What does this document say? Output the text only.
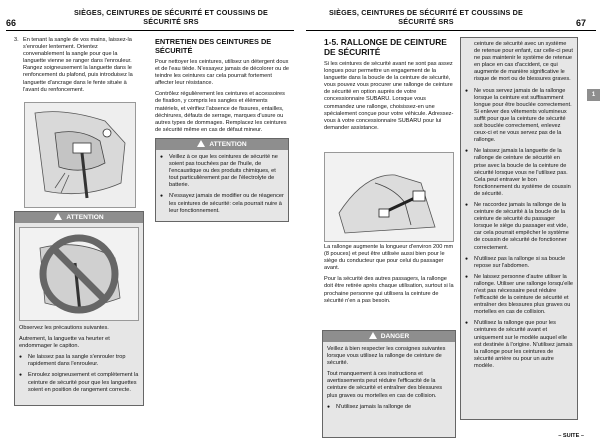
66
SIÈGES, CEINTURES DE SÉCURITÉ ET COUSSINS DE SÉCURITÉ SRS
3. En tenant la sangle de vos mains, laissez-la s'enrouler lentement. Orientez convenablement la sangle pour que la languette vienne se ranger dans l'enrouleur. Rangez soigneusement la languette dans le renfoncement du plafond, puis introduisez la languette d'ancrage dans le fente située à l'avant du renfoncement.
ATTENTION

Observez les précautions suivantes.

Autrement, la languette va heurter et endommager le capiton.

● Ne laissez pas la sangle s'enrouler trop rapidement dans l'enrouleur.
● Enroulez soigneusement et complètement la ceinture de sécurité pour que les languettes soient en position de rangement correcte.
ENTRETIEN DES CEINTURES DE SÉCURITÉ

Pour nettoyer les ceintures, utilisez un détergent doux et de l'eau tiède. N'essayez jamais de décolorer ou de teindre les ceintures car cela pourrait fortement affecter leur résistance.

Contrôlez régulièrement les ceintures et accessoires de fixation, y compris les sangles et éléments matériels, et vérifiez l'absence de fissures, entailles, déchirures, défauts de serrage, marques d'usure ou autres types de dommages. Remplacez les ceintures de sécurité même en cas de défaut mineur.

ATTENTION
● Veillez à ce que les ceintures de sécurité ne soient pas touchées par de l'huile, de l'encaustique ou des produits chimiques, et tout particulièrement par de l'électrolyte de batterie.
● N'essayez jamais de modifier ou de réagencer les ceintures de sécurité: cela pourrait nuire à leur fonctionnement.
SIÈGES, CEINTURES DE SÉCURITÉ ET COUSSINS DE SÉCURITÉ SRS	67
1
1-5. RALLONGE DE CEINTURE DE SÉCURITÉ

Si les ceintures de sécurité avant ne sont pas assez longues pour permettre un engagement de la languette dans la boucle de la ceinture de sécurité, vous pouvez vous procurer une rallonge de ceinture de sécurité en option auprès de votre concessionnaire SUBARU. Lorsque vous commandez une rallonge, choisissez-en une spécialement conçue pour votre véhicule. Adressez-vous à votre concessionnaire SUBARU pour lui demander assistance.

La rallonge augmente la longueur d'environ 200 mm (8 pouces) et peut être utilisée aussi bien pour le siège du conducteur que pour celui du passager avant.

Pour la sécurité des autres passagers, la rallonge doit être retirée après chaque utilisation, surtout si la prochaine personne qui utilisera la ceinture de sécurité n'en a pas besoin.

DANGER

Veillez à bien respecter les consignes suivantes lorsque vous utilisez la rallonge de ceinture de sécurité.

Tout manquement à ces instructions et avertissements peut réduire l'efficacité de la ceinture de sécurité et entraîner des blessures plus graves ou mortelles en cas de collision.

● N'utilisez jamais la rallonge de

ceinture de sécurité avec un système de retenue pour enfant, car celle-ci peut ne pas maintenir le système de retenue en place en cas d'accident, ce qui augmente de manière significative le risque de mort ou de blessures graves.

● Ne vous servez jamais de la rallonge lorsque la ceinture est suffisamment longue pour être bouclée correctement. Si enlever des vêtements volumineux suffit pour que la ceinture de sécurité soit bouclée correctement, enlevez ceux-ci et ne vous servez pas de la rallonge.
● Ne laissez jamais la languette de la rallonge de ceinture de sécurité en prise avec la boucle de la ceinture de sécurité lorsque vous ne l'utilisez pas. Cela peut entraver le bon fonctionnement du système de coussin de sécurité.
● Ne raccordez jamais la rallonge de la ceinture de sécurité à la boucle de la ceinture de sécurité du passager lorsque le siège du passager est vide, car cela pourrait empêcher le système de coussin de sécurité de fonctionner correctement.
● N'utilisez pas la rallonge si sa boucle repose sur l'abdomen.
● Ne laissez personne d'autre utiliser la rallonge. Utiliser une rallonge lorsqu'elle n'est pas nécessaire peut réduire l'efficacité de la ceinture de sécurité et entraîner des blessures plus graves ou mortelles en cas de collision.
● N'utilisez la rallonge que pour les ceintures de sécurité avant et uniquement sur le modèle auquel elle est destinée à l'origine. N'utilisez jamais la rallonge pour les ceintures de sécurité arrière ou pour un autre modèle.
– SUITE –
